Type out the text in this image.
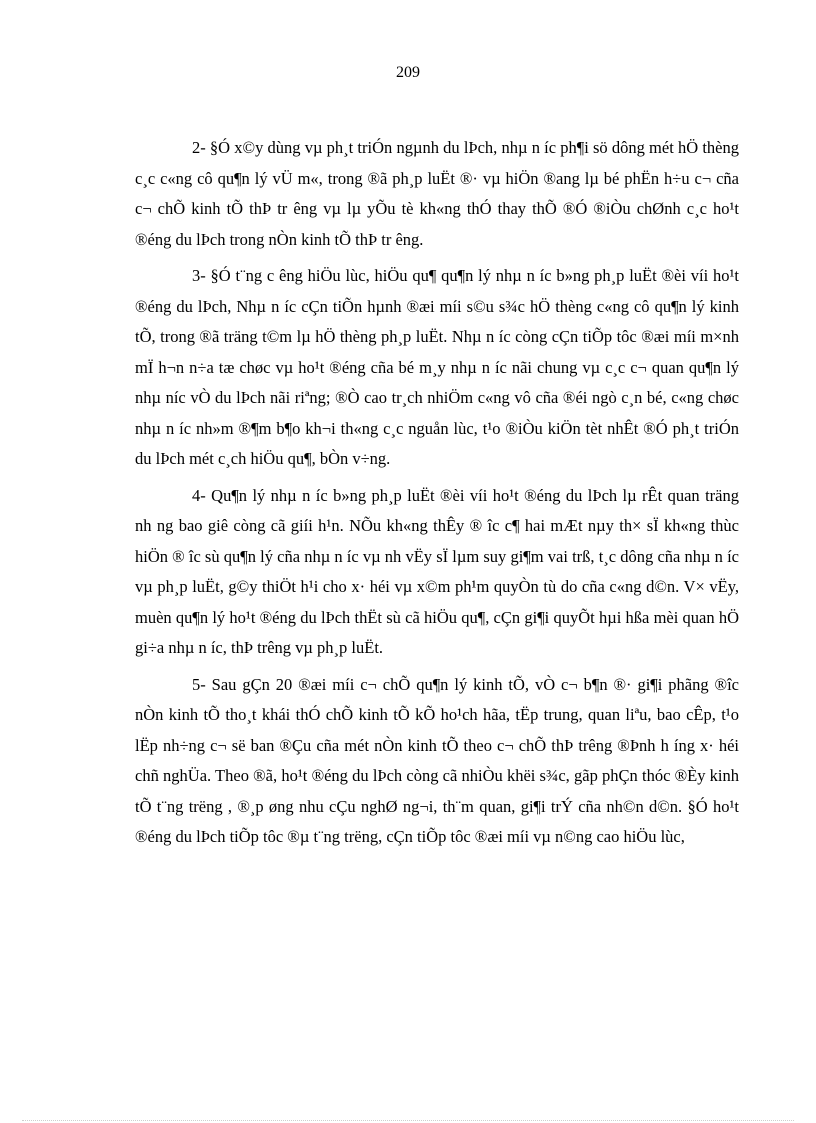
209

2- §Ó x©y dùng vµ ph¸t triÓn ngµnh du lÞch, nhµ n íc ph¶i sö dông mét hÖ thèng c¸c c«ng cô qu¶n lý vÜ m«, trong ®ã ph¸p luËt ®· vµ hiÖn ®ang lµ bé phËn h÷u c¬ cña c¬ chÕ kinh tÕ thÞ tr êng vµ lµ yÕu tè kh«ng thÓ thay thÕ ®Ó ®iÒu chØnh c¸c ho¹t ®éng du lÞch trong nÒn kinh tÕ thÞ tr êng.

3- §Ó t¨ng c êng hiÖu lùc, hiÖu qu¶ qu¶n lý nhµ n íc b»ng ph¸p luËt ®èi víi ho¹t ®éng du lÞch, Nhµ n íc cÇn tiÕn hµnh ®æi míi s©u s¾c hÖ thèng c«ng cô qu¶n lý kinh tÕ, trong ®ã träng t©m lµ hÖ thèng ph¸p luËt. Nhµ n íc còng cÇn tiÕp tôc ®æi míi m×nh mÏ h¬n n÷a tæ chøc vµ ho¹t ®éng cña bé m¸y nhµ n íc nãi chung vµ c¸c c¬ quan qu¶n lý nhµ níc vÒ du lÞch nãi riªng; ®Ò cao tr¸ch nhiÖm c«ng vô cña ®éi ngò c¸n bé, c«ng chøc nhµ n íc nh»m ®¶m b¶o kh¬i th«ng c¸c nguån lùc, t¹o ®iÒu kiÖn tèt nhÊt ®Ó ph¸t triÓn du lÞch mét c¸ch hiÖu qu¶, bÒn v÷ng.

4- Qu¶n lý nhµ n íc b»ng ph¸p luËt ®èi víi ho¹t ®éng du lÞch lµ rÊt quan träng nh ng bao giê còng cã giíi h¹n. NÕu kh«ng thÊy ® îc c¶ hai mÆt nµy th× sÏ kh«ng thùc hiÖn ® îc sù qu¶n lý cña nhµ n íc vµ nh vËy sÏ lµm suy gi¶m vai trß, t¸c dông cña nhµ n íc vµ ph¸p luËt, g©y thiÖt h¹i cho x· héi vµ x©m ph¹m quyÒn tù do cña c«ng d©n. V× vËy, muèn qu¶n lý ho¹t ®éng du lÞch thËt sù cã hiÖu qu¶, cÇn gi¶i quyÕt hµi hßa mèi quan hÖ gi÷a nhµ n íc, thÞ trêng vµ ph¸p luËt.

5- Sau gÇn 20 ®æi míi c¬ chÕ qu¶n lý kinh tÕ, vÒ c¬ b¶n ®· gi¶i phãng ®îc nÒn kinh tÕ tho¸t khái thÓ chÕ kinh tÕ kÕ ho¹ch hãa, tËp trung, quan liªu, bao cÊp, t¹o lËp nh÷ng c¬ së ban ®Çu cña mét nÒn kinh tÕ theo c¬ chÕ thÞ trêng ®Þnh h íng x· héi chñ nghÜa. Theo ®ã, ho¹t ®éng du lÞch còng cã nhiÒu khëi s¾c, gãp phÇn thóc ®Èy kinh tÕ t¨ng trëng , ®¸p øng nhu cÇu nghØ ng¬i, th¨m quan, gi¶i trÝ cña nh©n d©n. §Ó ho¹t ®éng du lÞch tiÕp tôc ®µ t¨ng trëng, cÇn tiÕp tôc ®æi míi vµ n©ng cao hiÖu lùc,
